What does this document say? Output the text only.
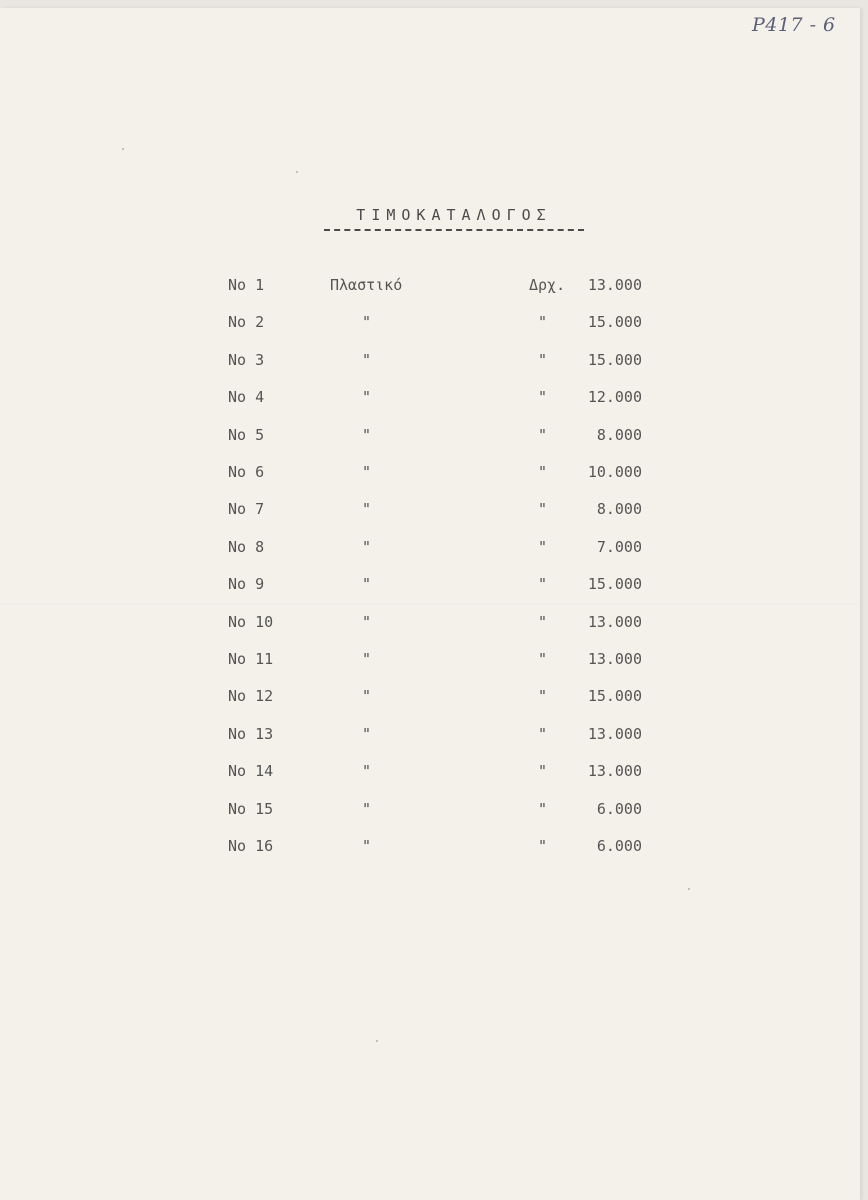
P417 - 6
ΤΙΜΟΚΑΤΑΛΟΓΟΣ
No 1	Πλαστικό	Δρχ. 13.000
No 2	"	"	15.000
No 3	"	"	15.000
No 4	"	"	12.000
No 5	"	"	8.000
No 6	"	"	10.000
No 7	"	"	8.000
No 8	"	"	7.000
No 9	"	"	15.000
No 10	"	"	13.000
No 11	"	"	13.000
No 12	"	"	15.000
No 13	"	"	13.000
No 14	"	"	13.000
No 15	"	"	6.000
No 16	"	"	6.000
